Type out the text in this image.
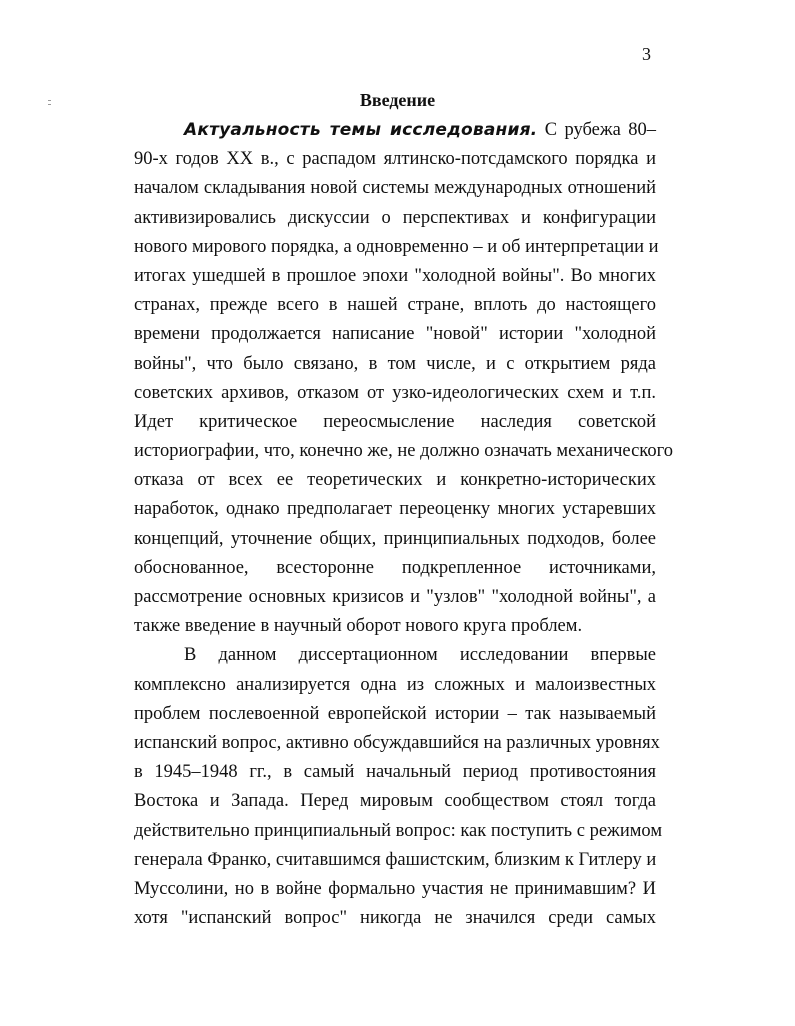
3
Введение
Актуальность темы исследования. С рубежа 80–
90-х годов XX в., с распадом ялтинско-потсдамского порядка и
началом складывания новой системы международных отношений
активизировались дискуссии о перспективах и конфигурации
нового мирового порядка, а одновременно – и об интерпретации и
итогах ушедшей в прошлое эпохи "холодной войны". Во многих
странах, прежде всего в нашей стране, вплоть до настоящего
времени продолжается написание "новой" истории "холодной
войны", что было связано, в том числе, и с открытием ряда
советских архивов, отказом от узко-идеологических схем и т.п.
Идет критическое переосмысление наследия советской
историографии, что, конечно же, не должно означать механического
отказа от всех ее теоретических и конкретно-исторических
наработок, однако предполагает переоценку многих устаревших
концепций, уточнение общих, принципиальных подходов, более
обоснованное, всесторонне подкрепленное источниками,
рассмотрение основных кризисов и "узлов" "холодной войны", а
также введение в научный оборот нового круга проблем.
В данном диссертационном исследовании впервые
комплексно анализируется одна из сложных и малоизвестных
проблем послевоенной европейской истории – так называемый
испанский вопрос, активно обсуждавшийся на различных уровнях
в 1945–1948 гг., в самый начальный период противостояния
Востока и Запада. Перед мировым сообществом стоял тогда
действительно принципиальный вопрос: как поступить с режимом
генерала Франко, считавшимся фашистским, близким к Гитлеру и
Муссолини, но в войне формально участия не принимавшим? И
хотя "испанский вопрос" никогда не значился среди самых
